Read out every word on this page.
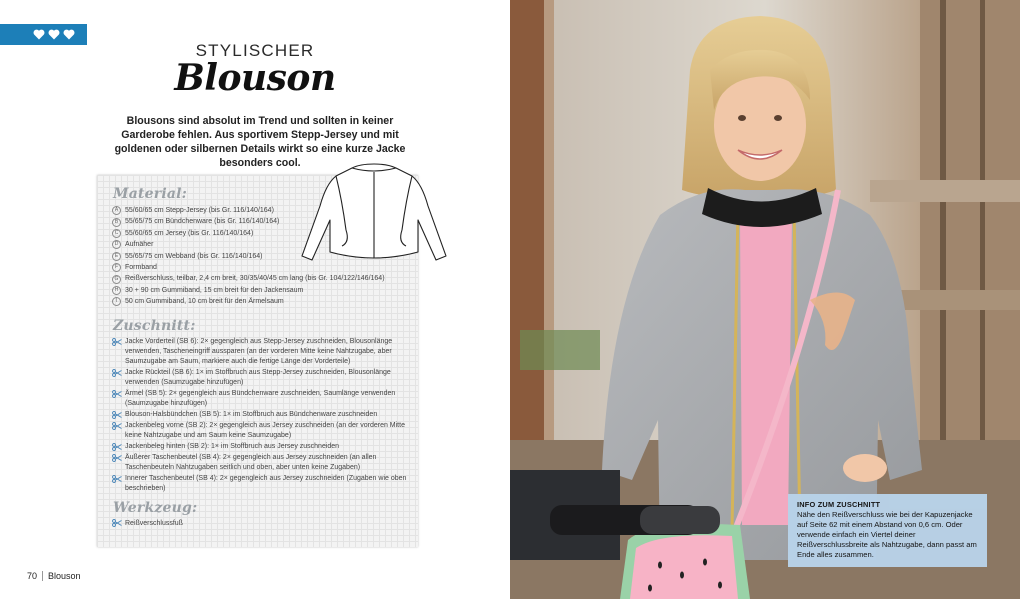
STYLISCHER
Blouson
Blousons sind absolut im Trend und sollten in keiner Garderobe fehlen. Aus sportivem Stepp-Jersey und mit goldenen oder silbernen Details wirkt so eine kurze Jacke besonders cool.
Material:
A 55/60/65 cm Stepp-Jersey (bis Gr. 116/140/164)
B 55/65/75 cm Bündchenware (bis Gr. 116/140/164)
C 55/60/65 cm Jersey (bis Gr. 116/140/164)
D Aufnäher
E 55/65/75 cm Webband (bis Gr. 116/140/164)
F Formband
G Reißverschluss, teilbar, 2,4 cm breit, 30/35/40/45 cm lang (bis Gr. 104/122/146/164)
H 30 + 90 cm Gummiband, 15 cm breit für den Jackensaum
I	50 cm Gummiband, 10 cm breit für den Ärmelsaum
Zuschnitt:
Jacke Vorderteil (SB 6): 2× gegengleich aus Stepp-Jersey zuschneiden, Blousonlänge verwenden, Tascheneingriff aussparen (an der vorderen Mitte keine Nahtzugabe, aber Saumzugabe am Saum, markiere auch die fertige Länge der Vorderteile)
Jacke Rückteil (SB 6): 1× im Stoffbruch aus Stepp-Jersey zuschneiden, Blousonlänge verwenden (Saumzugabe hinzufügen)
Ärmel (SB 5): 2× gegengleich aus Bündchenware zuschneiden, Saumlänge verwenden (Saumzugabe hinzufügen)
Blouson-Halsbündchen (SB 5): 1× im Stoffbruch aus Bündchenware zuschneiden
Jackenbeleg vorne (SB 2): 2× gegengleich aus Jersey zuschneiden (an der vorderen Mitte keine Nahtzugabe und am Saum keine Saumzugabe)
Jackenbeleg hinten (SB 2): 1× im Stoffbruch aus Jersey zuschneiden
Äußerer Taschenbeutel (SB 4): 2× gegengleich aus Jersey zuschneiden (an allen Taschenbeuteln Nahtzugaben seitlich und oben, aber unten keine Zugaben)
Innerer Taschenbeutel (SB 4): 2× gegengleich aus Jersey zuschneiden (Zugaben wie oben beschrieben)
Werkzeug:
Reißverschlussfuß
70 Blouson
INFO ZUM ZUSCHNITT
Nähe den Reißverschluss wie bei der Kapuzenjacke auf Seite 62 mit einem Abstand von 0,6 cm. Oder verwende einfach ein Viertel deiner Reißverschlussbreite als Nahtzugabe, dann passt am Ende alles zusammen.
